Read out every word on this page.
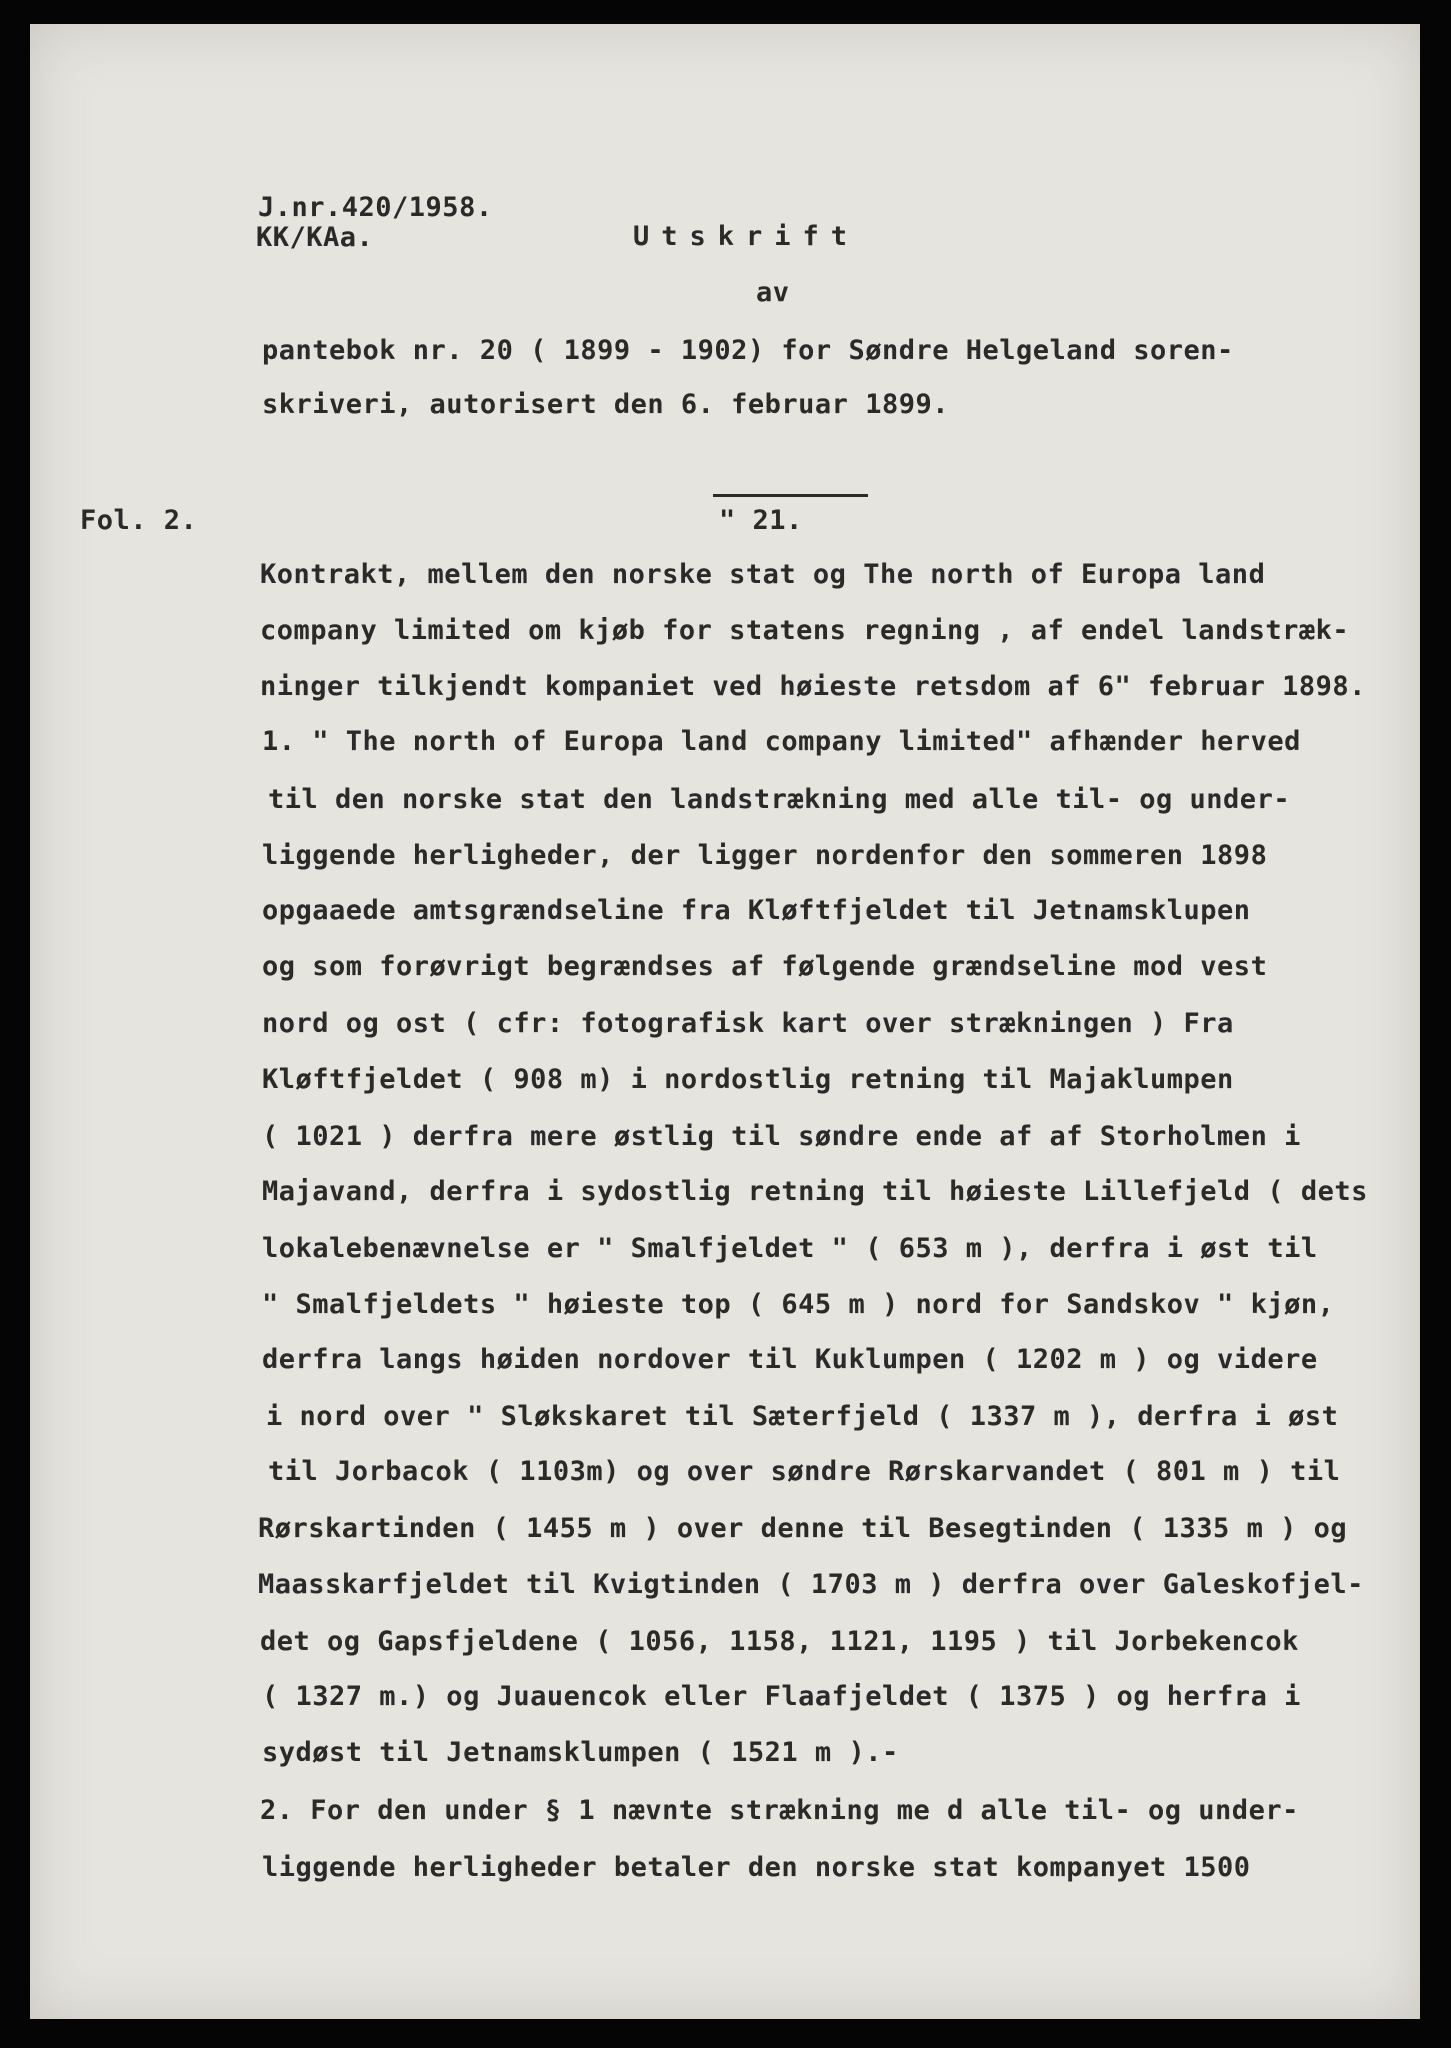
J.nr.420/1958.
KK/KAa.	Utskrift
av
pantebok nr. 20 ( 1899 - 1902) for Søndre Helgeland soren-
skriveri, autorisert den 6. februar 1899.
Fol. 2.	" 21.
Kontrakt, mellem den norske stat og The north of Europa land
company limited om kjøb for statens regning , af endel landstræk-
ninger tilkjendt kompaniet ved høieste retsdom af 6" februar 1898.
1. " The north of Europa land company limited" afhænder herved
til den norske stat den landstrækning med alle til- og under-
liggende herligheder, der ligger nordenfor den sommeren 1898
opgaaede amtsgrændseline fra Kløftfjeldet til Jetnamsklupen
og som forøvrigt begrændses af følgende grændseline mod vest
nord og ost ( cfr: fotografisk kart over strækningen ) Fra
Kløftfjeldet ( 908 m) i nordostlig retning til Majaklumpen
( 1021 ) derfra mere østlig til søndre ende af af Storholmen i
Majavand, derfra i sydostlig retning til høieste Lillefjeld ( dets
lokalebenævnelse er " Smalfjeldet " ( 653 m ), derfra i øst til
" Smalfjeldets " høieste top ( 645 m ) nord for Sandskov " kjøn,
derfra langs høiden nordover til Kuklumpen ( 1202 m ) og videre
i nord over " Sløkskaret til Sæterfjeld ( 1337 m ), derfra i øst
til Jorbacok ( 1103m) og over søndre Rørskarvandet ( 801 m ) til
Rørskartinden ( 1455 m ) over denne til Besegtinden ( 1335 m ) og
Maasskarfjeldet til Kvigtinden ( 1703 m ) derfra over Galeskofjel-
det og Gapsfjeldene ( 1056, 1158, 1121, 1195 ) til Jorbekencok
( 1327 m.) og Juauencok eller Flaafjeldet ( 1375 ) og herfra i
sydøst til Jetnamsklumpen ( 1521 m ).-
2. For den under § 1 nævnte strækning me d alle til- og under-
liggende herligheder betaler den norske stat kompanyet 1500
